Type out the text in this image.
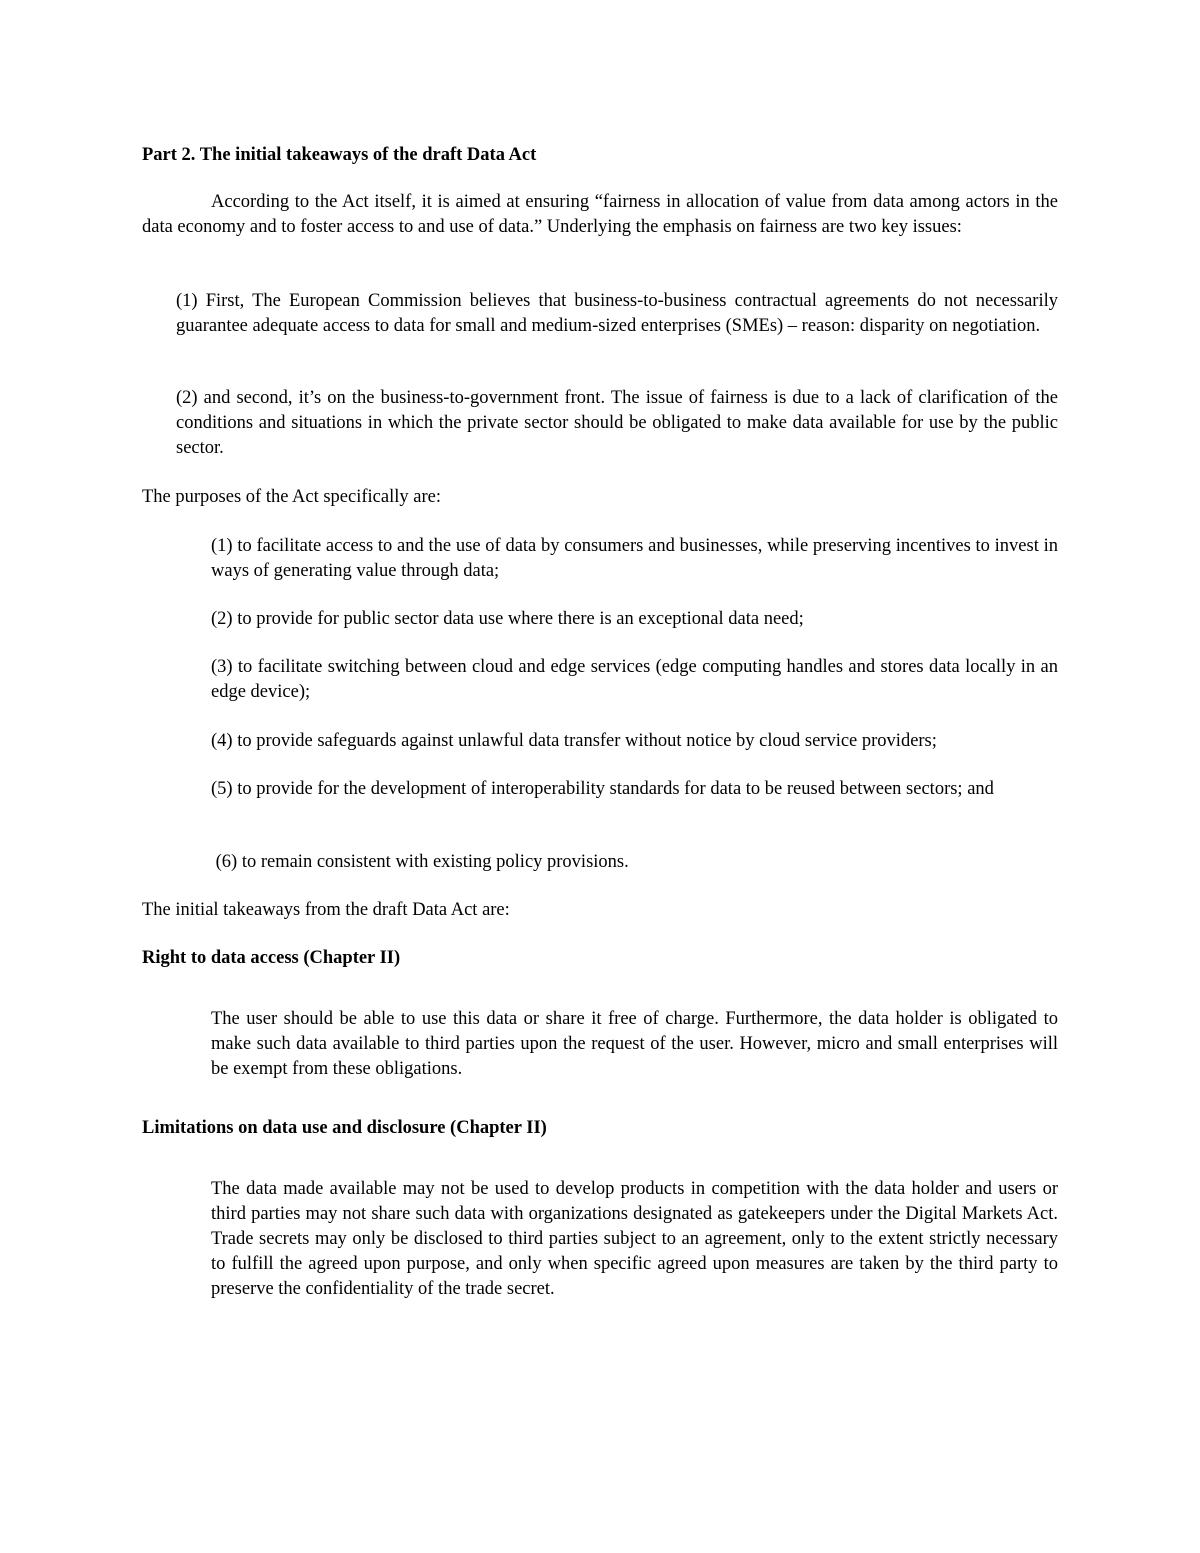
Part 2. The initial takeaways of the draft Data Act

According to the Act itself, it is aimed at ensuring “fairness in allocation of value from data among actors in the data economy and to foster access to and use of data.” Underlying the emphasis on fairness are two key issues:

(1) First, The European Commission believes that business-to-business contractual agreements do not necessarily guarantee adequate access to data for small and medium-sized enterprises (SMEs) – reason: disparity on negotiation.

(2) and second, it’s on the business-to-government front. The issue of fairness is due to a lack of clarification of the conditions and situations in which the private sector should be obligated to make data available for use by the public sector.

The purposes of the Act specifically are:

(1) to facilitate access to and the use of data by consumers and businesses, while preserving incentives to invest in ways of generating value through data;

(2) to provide for public sector data use where there is an exceptional data need;

(3) to facilitate switching between cloud and edge services (edge computing handles and stores data locally in an edge device);

(4) to provide safeguards against unlawful data transfer without notice by cloud service providers;

(5) to provide for the development of interoperability standards for data to be reused between sectors; and

(6) to remain consistent with existing policy provisions.

The initial takeaways from the draft Data Act are:

Right to data access (Chapter II)

The user should be able to use this data or share it free of charge. Furthermore, the data holder is obligated to make such data available to third parties upon the request of the user. However, micro and small enterprises will be exempt from these obligations.

Limitations on data use and disclosure (Chapter II)

The data made available may not be used to develop products in competition with the data holder and users or third parties may not share such data with organizations designated as gatekeepers under the Digital Markets Act. Trade secrets may only be disclosed to third parties subject to an agreement, only to the extent strictly necessary to fulfill the agreed upon purpose, and only when specific agreed upon measures are taken by the third party to preserve the confidentiality of the trade secret.
